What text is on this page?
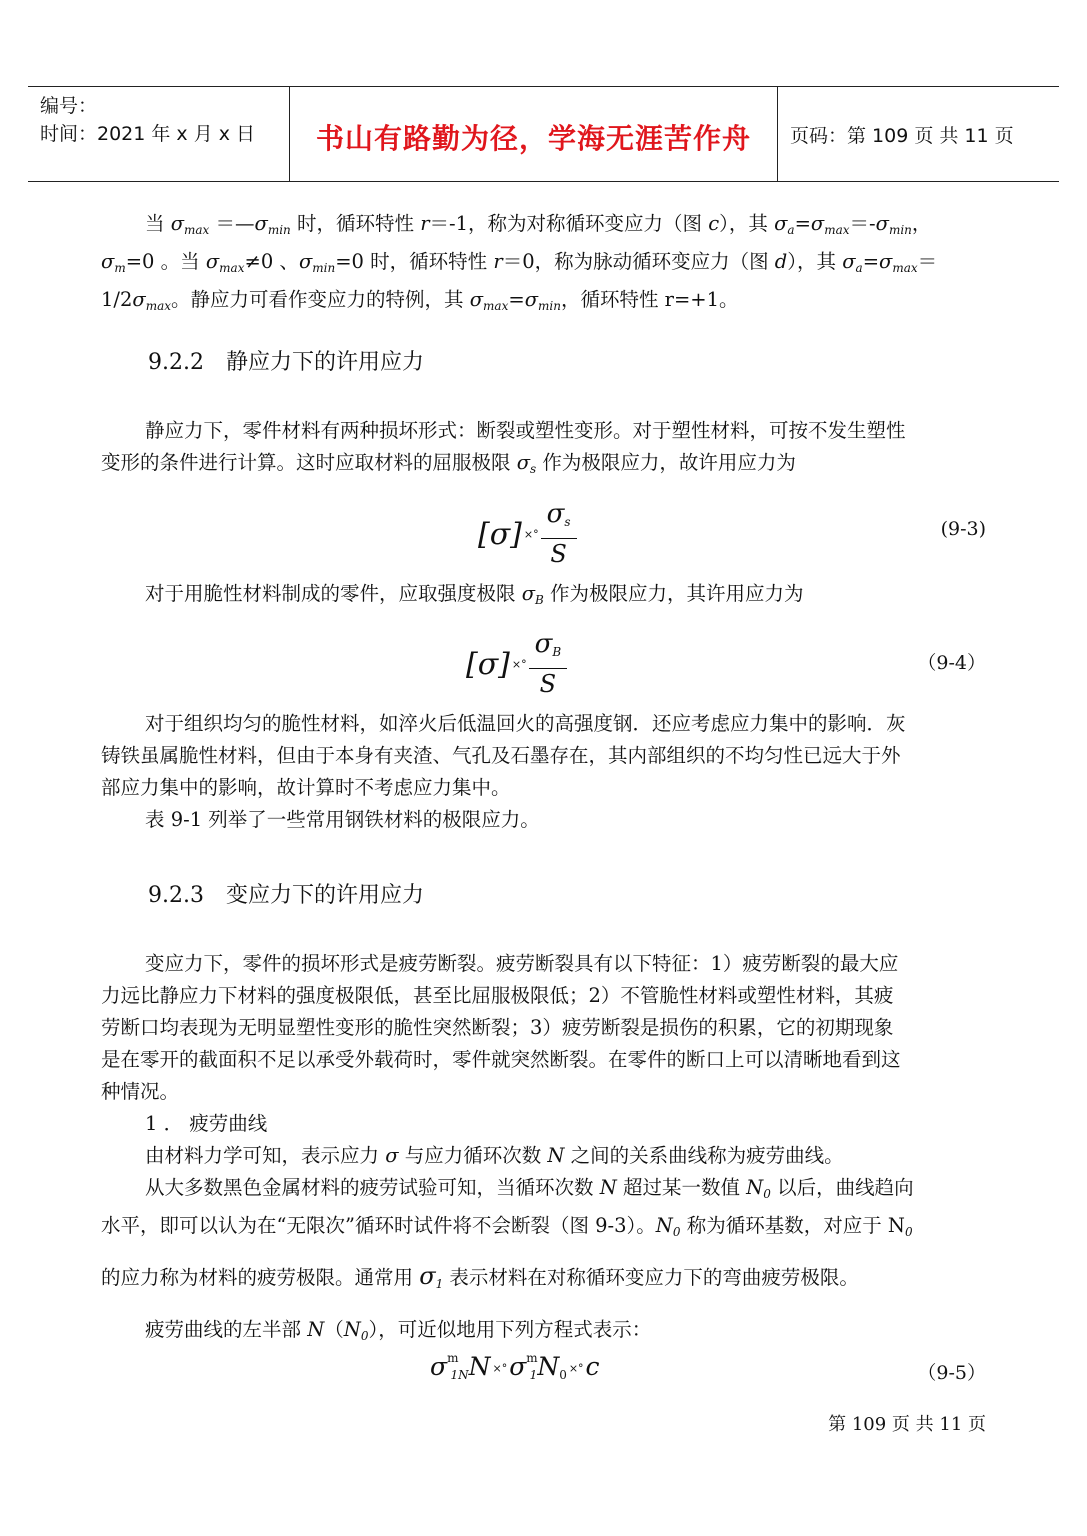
编号：
时间：2021 年 x 月 x 日	书山有路勤为径，学海无涯苦作舟	页码：第 109 页 共 11 页
当 $\sigma_{max}$ $=—\sigma_{min}$ 时，循环特性 r＝-1，称为对称循环变应力（图 c），其 $\sigma_a=\sigma_{max}=-\sigma_{min}$，
$\sigma_m=0$ 。当 $\sigma_{max}\ne 0$ 、$\sigma_{min}=0$ 时，循环特性 r＝0，称为脉动循环变应力（图 d），其 $\sigma_a=\sigma_{max}=$
$1/2\sigma_{max}$。静应力可看作变应力的特例，其 $\sigma_{max}=\sigma_{min}$，循环特性 r=+1。
9.2.2 静应力下的许用应力
静应力下，零件材料有两种损坏形式：断裂或塑性变形。对于塑性材料，可按不发生塑性
变形的条件进行计算。这时应取材料的屈服极限 $\sigma_s$ 作为极限应力，故许用应力为
[σ] ×° $\frac{\sigma_s}{S}$	(9-3)
对于用脆性材料制成的零件，应取强度极限 $\sigma_B$ 作为极限应力，其许用应力为
[σ] ×° $\frac{\sigma_B}{S}$	（9-4）
对于组织均匀的脆性材料，如淬火后低温回火的高强度钢．还应考虑应力集中的影响．灰
铸铁虽属脆性材料，但由于本身有夹渣、气孔及石墨存在，其内部组织的不均匀性已远大于外
部应力集中的影响，故计算时不考虑应力集中。
表 9-1 列举了一些常用钢铁材料的极限应力。
9.2.3 变应力下的许用应力
变应力下，零件的损坏形式是疲劳断裂。疲劳断裂具有以下特征：1）疲劳断裂的最大应
力远比静应力下材料的强度极限低，甚至比屈服极限低；2）不管脆性材料或塑性材料，其疲
劳断口均表现为无明显塑性变形的脆性突然断裂；3）疲劳断裂是损伤的积累，它的初期现象
是在零开的截面积不足以承受外载荷时，零件就突然断裂。在零件的断口上可以清晰地看到这
种情况。
1 ． 疲劳曲线
由材料力学可知，表示应力 σ 与应力循环次数 N 之间的关系曲线称为疲劳曲线。
从大多数黑色金属材料的疲劳试验可知，当循环次数 N 超过某一数值 $N_0$ 以后，曲线趋向
水平，即可以认为在“无限次”循环时试件将不会断裂（图 9-3）。$N_0$ 称为循环基数，对应于 $N_0$
的应力称为材料的疲劳极限。通常用 $\sigma_1$ 表示材料在对称循环变应力下的弯曲疲劳极限。
疲劳曲线的左半部 $N(N_0)$，可近似地用下列方程式表示：
$\sigma^m_{1N}N \times^\circ\sigma^m_1N_0 \times^\circ c$	（9-5）
第 109 页 共 11 页
